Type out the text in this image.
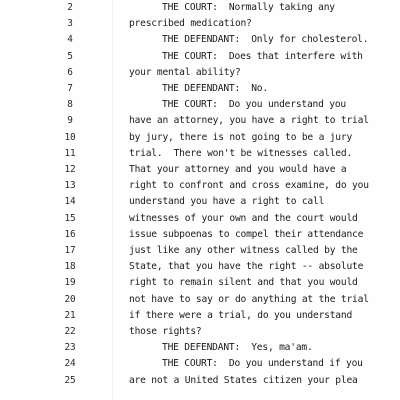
2	THE COURT:  Normally taking any
3	prescribed medication?
4	THE DEFENDANT:  Only for cholesterol.
5	THE COURT:  Does that interfere with
6	your mental ability?
7	THE DEFENDANT:  No.
8	THE COURT:  Do you understand you
9	have an attorney, you have a right to trial
10	by jury, there is not going to be a jury
11	trial.  There won't be witnesses called.
12	That your attorney and you would have a
13	right to confront and cross examine, do you
14	understand you have a right to call
15	witnesses of your own and the court would
16	issue subpoenas to compel their attendance
17	just like any other witness called by the
18	State, that you have the right -- absolute
19	right to remain silent and that you would
20	not have to say or do anything at the trial
21	if there were a trial, do you understand
22	those rights?
23	THE DEFENDANT:  Yes, ma'am.
24	THE COURT:  Do you understand if you
25	are not a United States citizen your plea
